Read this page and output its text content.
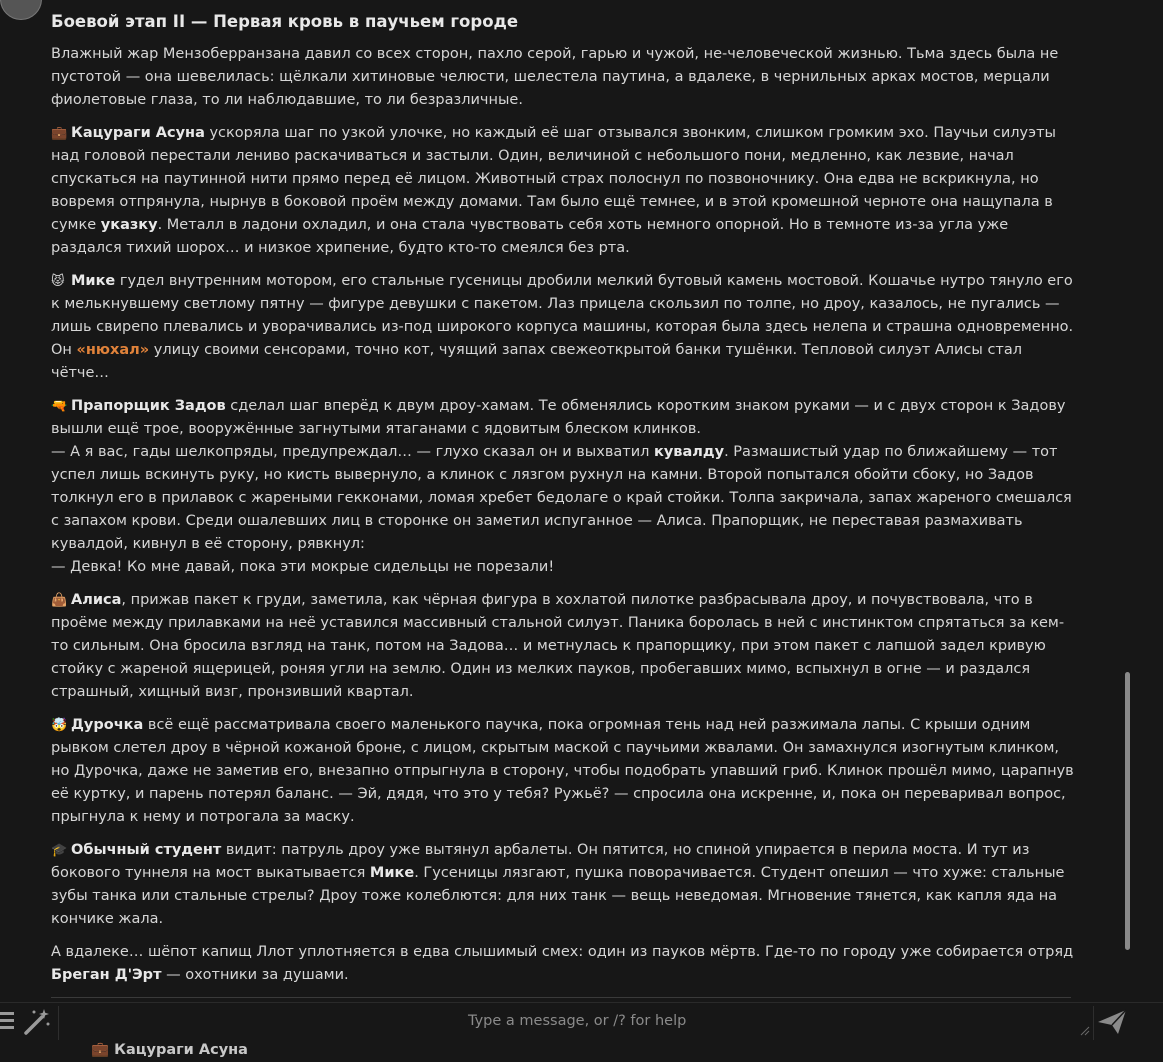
Боевой этап II — Первая кровь в паучьем городе

Влажный жар Мензоберранзана давил со всех сторон, пахло серой, гарью и чужой, не-человеческой жизнью. Тьма здесь была не пустотой — она шевелилась: щёлкали хитиновые челюсти, шелестела паутина, а вдалеке, в чернильных арках мостов, мерцали фиолетовые глаза, то ли наблюдавшие, то ли безразличные.

💼 Кацураги Асуна ускоряла шаг по узкой улочке, но каждый её шаг отзывался звонким, слишком громким эхо. Паучьи силуэты над головой перестали лениво раскачиваться и застыли. Один, величиной с небольшого пони, медленно, как лезвие, начал спускаться на паутинной нити прямо перед её лицом. Животный страх полоснул по позвоночнику. Она едва не вскрикнула, но вовремя отпрянула, нырнув в боковой проём между домами. Там было ещё темнее, и в этой кромешной черноте она нащупала в сумке указку. Металл в ладони охладил, и она стала чувствовать себя хоть немного опорной. Но в темноте из-за угла уже раздался тихий шорох… и низкое хрипение, будто кто-то смеялся без рта.

😾 Мике гудел внутренним мотором, его стальные гусеницы дробили мелкий бутовый камень мостовой. Кошачье нутро тянуло его к мелькнувшему светлому пятну — фигуре девушки с пакетом. Лаз прицела скользил по толпе, но дроу, казалось, не пугались — лишь свирепо плевались и уворачивались из-под широкого корпуса машины, которая была здесь нелепа и страшна одновременно. Он «нюхал» улицу своими сенсорами, точно кот, чуящий запах свежеоткрытой банки тушёнки. Тепловой силуэт Алисы стал чётче…

🔫 Прапорщик Задов сделал шаг вперёд к двум дроу-хамам. Те обменялись коротким знаком руками — и с двух сторон к Задову вышли ещё трое, вооружённые загнутыми ятаганами с ядовитым блеском клинков.
— А я вас, гады шелкопряды, предупреждал… — глухо сказал он и выхватил кувалду. Размашистый удар по ближайшему — тот успел лишь вскинуть руку, но кисть вывернуло, а клинок с лязгом рухнул на камни. Второй попытался обойти сбоку, но Задов толкнул его в прилавок с жареными гекконами, ломая хребет бедолаге о край стойки. Толпа закричала, запах жареного смешался с запахом крови. Среди ошалевших лиц в сторонке он заметил испуганное — Алиса. Прапорщик, не переставая размахивать кувалдой, кивнул в её сторону, рявкнул:
— Девка! Ко мне давай, пока эти мокрые сидельцы не порезали!

👜 Алиса, прижав пакет к груди, заметила, как чёрная фигура в хохлатой пилотке разбрасывала дроу, и почувствовала, что в проёме между прилавками на неё уставился массивный стальной силуэт. Паника боролась в ней с инстинктом спрятаться за кем-то сильным. Она бросила взгляд на танк, потом на Задова… и метнулась к прапорщику, при этом пакет с лапшой задел кривую стойку с жареной ящерицей, роняя угли на землю. Один из мелких пауков, пробегавших мимо, вспыхнул в огне — и раздался страшный, хищный визг, пронзивший квартал.

🤯 Дурочка всё ещё рассматривала своего маленького паучка, пока огромная тень над ней разжимала лапы. С крыши одним рывком слетел дроу в чёрной кожаной броне, с лицом, скрытым маской с паучьими жвалами. Он замахнулся изогнутым клинком, но Дурочка, даже не заметив его, внезапно отпрыгнула в сторону, чтобы подобрать упавший гриб. Клинок прошёл мимо, царапнув её куртку, и парень потерял баланс. — Эй, дядя, что это у тебя? Ружьё? — спросила она искренне, и, пока он переваривал вопрос, прыгнула к нему и потрогала за маску.

🎓 Обычный студент видит: патруль дроу уже вытянул арбалеты. Он пятится, но спиной упирается в перила моста. И тут из бокового туннеля на мост выкатывается Мике. Гусеницы лязгают, пушка поворачивается. Студент опешил — что хуже: стальные зубы танка или стальные стрелы? Дроу тоже колеблются: для них танк — вещь неведомая. Мгновение тянется, как капля яда на кончике жала.

А вдалеке… шёпот капищ Ллот уплотняется в едва слышимый смех: один из пауков мёртв. Где-то по городу уже собирается отряд Бреган Д'Эрт — охотники за душами.

💼 Кацураги Асуна
Type a message, or /? for help
